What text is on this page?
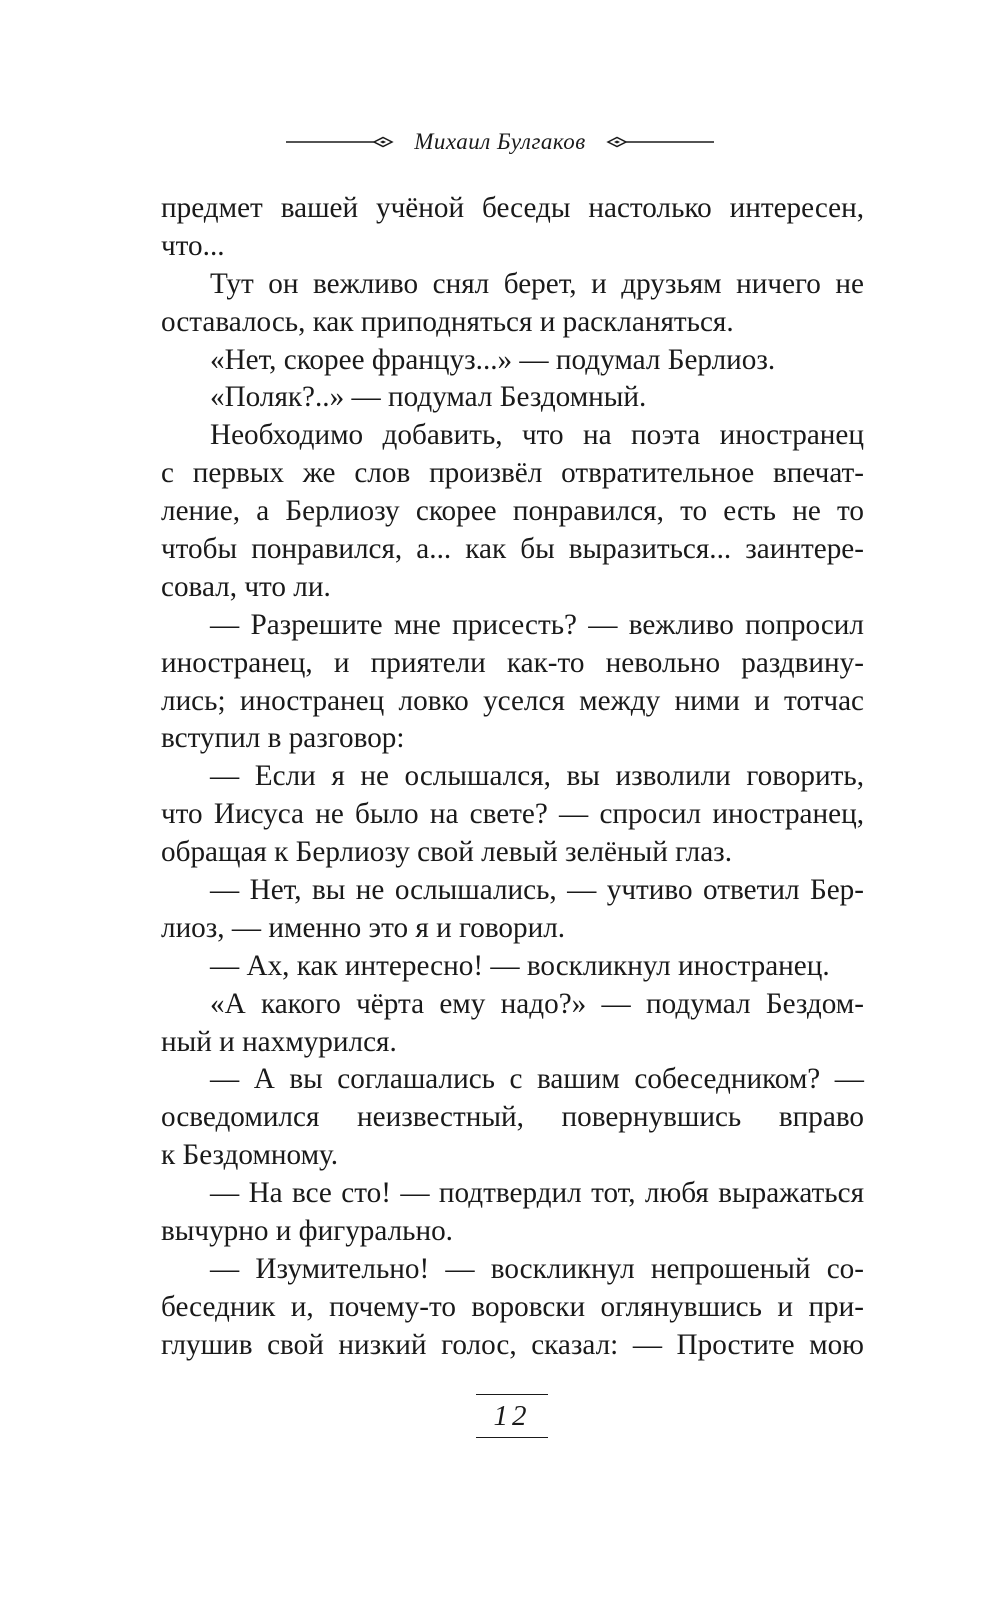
Михаил Булгаков
предмет вашей учёной беседы настолько интересен,
что...
Тут он вежливо снял берет, и друзьям ничего не
оставалось, как приподняться и раскланяться.
«Нет, скорее француз...» — подумал Берлиоз.
«Поляк?..» — подумал Бездомный.
Необходимо добавить, что на поэта иностранец
с первых же слов произвёл отвратительное впечат-
ление, а Берлиозу скорее понравился, то есть не то
чтобы понравился, а... как бы выразиться... заинтере-
совал, что ли.
— Разрешите мне присесть? — вежливо попросил
иностранец, и приятели как-то невольно раздвину-
лись; иностранец ловко уселся между ними и тотчас
вступил в разговор:
— Если я не ослышался, вы изволили говорить,
что Иисуса не было на свете? — спросил иностранец,
обращая к Берлиозу свой левый зелёный глаз.
— Нет, вы не ослышались, — учтиво ответил Бер-
лиоз, — именно это я и говорил.
— Ах, как интересно! — воскликнул иностранец.
«А какого чёрта ему надо?» — подумал Бездом-
ный и нахмурился.
— А вы соглашались с вашим собеседником? —
осведомился неизвестный, повернувшись вправо
к Бездомному.
— На все сто! — подтвердил тот, любя выражаться
вычурно и фигурально.
— Изумительно! — воскликнул непрошеный со-
беседник и, почему-то воровски оглянувшись и при-
глушив свой низкий голос, сказал: — Простите мою
12
